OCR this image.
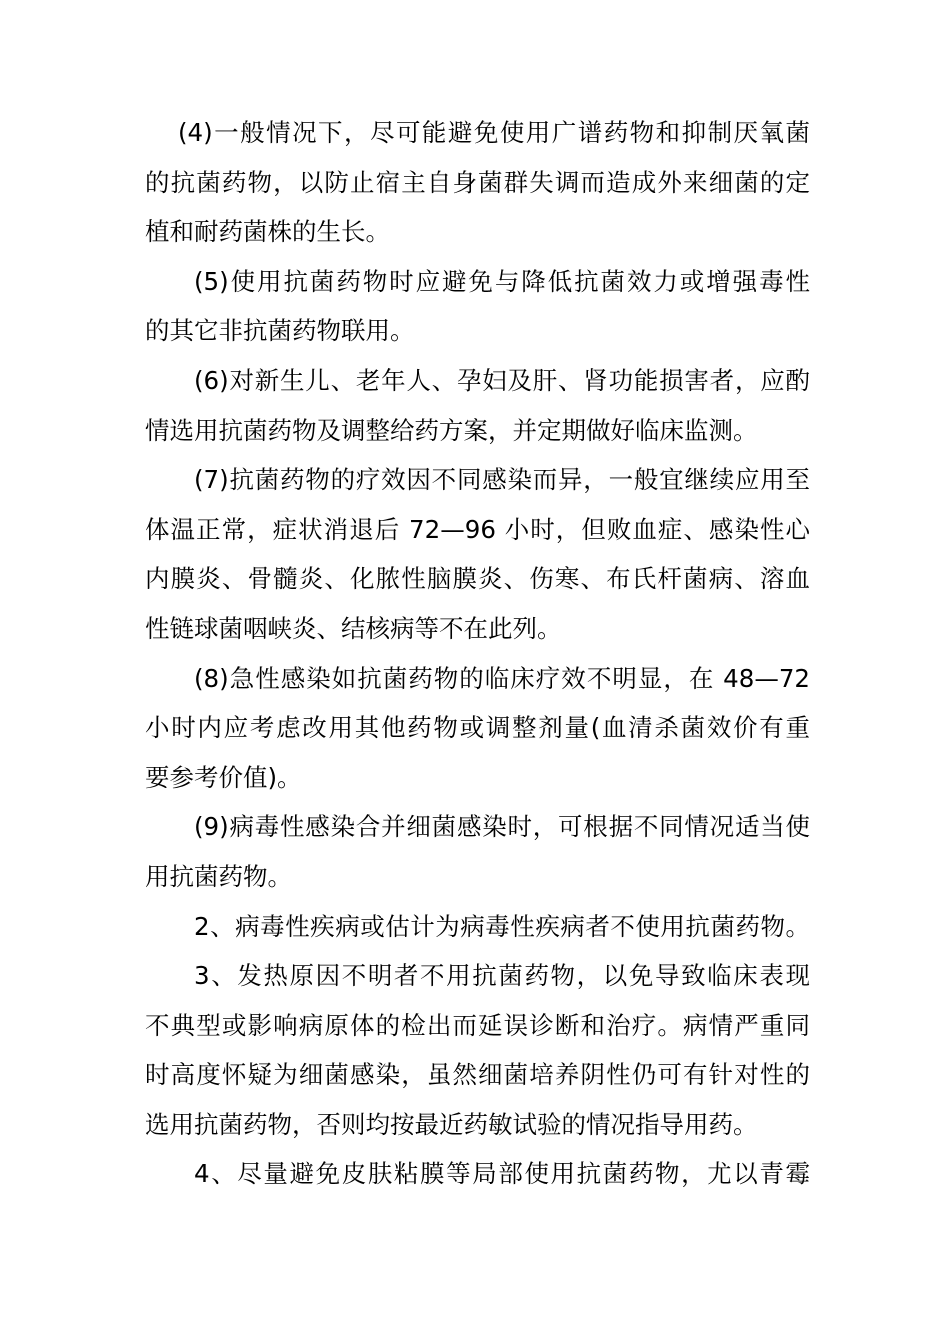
(4)一般情况下，尽可能避免使用广谱药物和抑制厌氧菌
的抗菌药物，以防止宿主自身菌群失调而造成外来细菌的定
植和耐药菌株的生长。
(5)使用抗菌药物时应避免与降低抗菌效力或增强毒性
的其它非抗菌药物联用。
(6)对新生儿、老年人、孕妇及肝、肾功能损害者，应酌
情选用抗菌药物及调整给药方案，并定期做好临床监测。
(7)抗菌药物的疗效因不同感染而异，一般宜继续应用至
体温正常，症状消退后 72—96 小时，但败血症、感染性心
内膜炎、骨髓炎、化脓性脑膜炎、伤寒、布氏杆菌病、溶血
性链球菌咽峡炎、结核病等不在此列。
(8)急性感染如抗菌药物的临床疗效不明显，在 48—72
小时内应考虑改用其他药物或调整剂量(血清杀菌效价有重
要参考价值)。
(9)病毒性感染合并细菌感染时，可根据不同情况适当使
用抗菌药物。
2、病毒性疾病或估计为病毒性疾病者不使用抗菌药物。
3、发热原因不明者不用抗菌药物，以免导致临床表现
不典型或影响病原体的检出而延误诊断和治疗。病情严重同
时高度怀疑为细菌感染，虽然细菌培养阴性仍可有针对性的
选用抗菌药物，否则均按最近药敏试验的情况指导用药。
4、尽量避免皮肤粘膜等局部使用抗菌药物，尤以青霉
